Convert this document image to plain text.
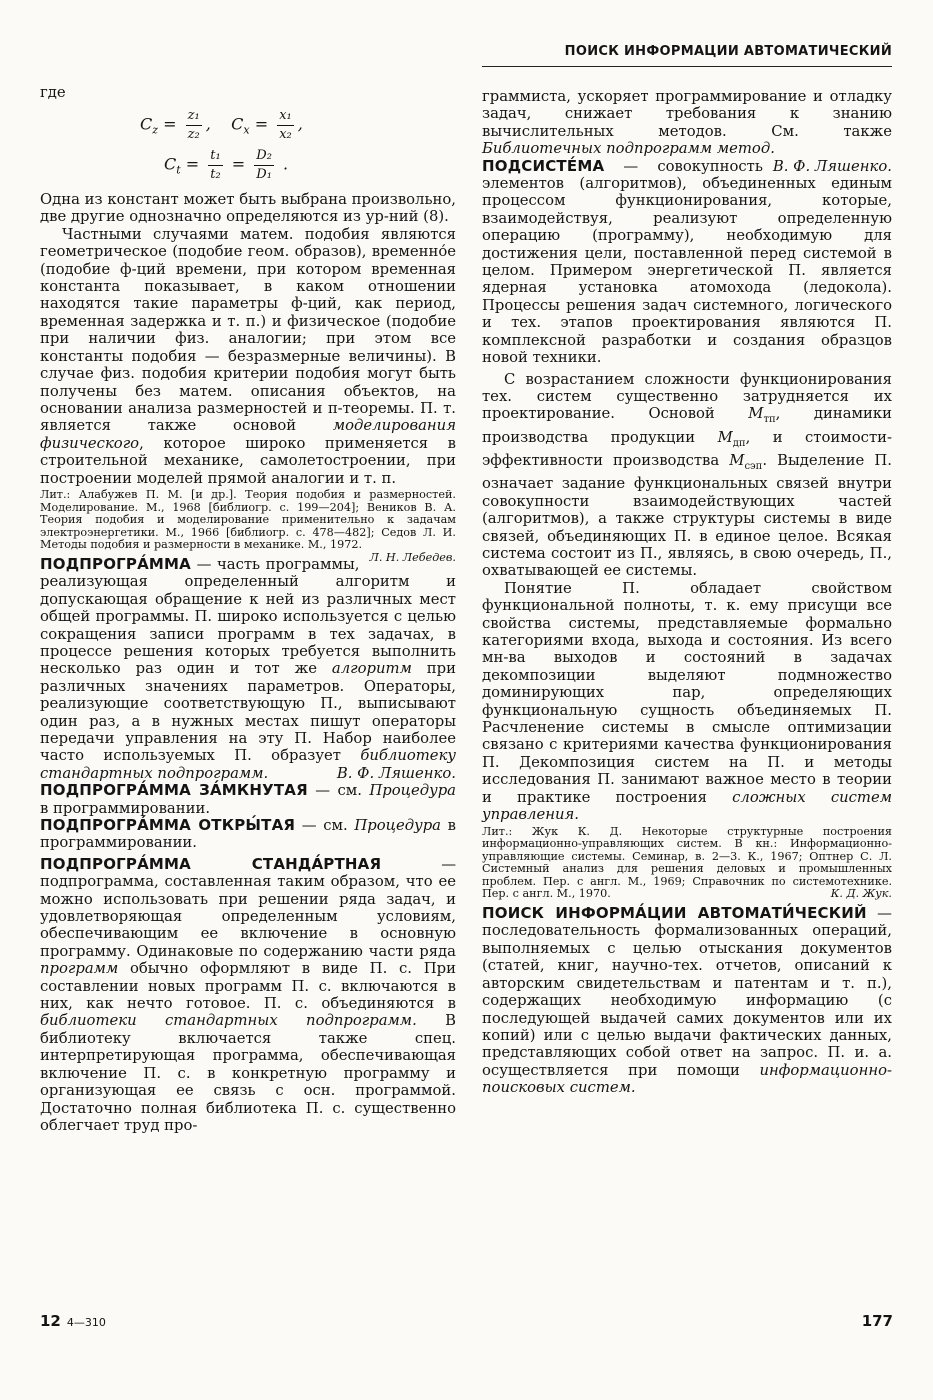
ПОИСК ИНФОРМАЦИИ АВТОМАТИЧЕСКИЙ

где

$C_z = \frac{\text{z₁}}{\text{z₂}}$ , $C_x = \frac{\text{x₁}}{\text{x₂}}$ ,
$C_t = \frac{\text{t₁}}{\text{t₂}} = \frac{\text{D₂}}{\text{D₁}}$ .

Одна из констант может быть выбрана произвольно, две другие однозначно определяются из ур-ний (8).

Частными случаями матем. подобия являются геометрическое (подобие геом. образов), временно́е (подобие ф-ций времени, при котором временная константа показывает, в каком отношении находятся такие параметры ф-ций, как период, временная задержка и т. п.) и физическое (подобие при наличии физ. аналогии; при этом все константы подобия — безразмерные величины). В случае физ. подобия критерии подобия могут быть получены без матем. описания объектов, на основании анализа размерностей и π-теоремы. П. т. является также основой моделирования физического, которое широко применяется в строительной механике, самолетостроении, при построении моделей прямой аналогии и т. п.

Лит.: Алабужев П. М. [и др.]. Теория подобия и размерностей. Моделирование. М., 1968 [библиогр. с. 199—204]; Веников В. А. Теория подобия и моделирование применительно к задачам электроэнергетики. М., 1966 [библиогр. с. 478—482]; Седов Л. И. Методы подобия и размерности в механике. М., 1972.
Л. Н. Лебедев.

ПОДПРОГРА́ММА — часть программы, реализующая определенный алгоритм и допускающая обращение к ней из различных мест общей программы. П. широко используется с целью сокращения записи программ в тех задачах, в процессе решения которых требуется выполнить несколько раз один и тот же алгоритм при различных значениях параметров. Операторы, реализующие соответствующую П., выписывают один раз, а в нужных местах пишут операторы передачи управления на эту П. Набор наиболее часто используемых П. образует библиотеку стандартных подпрограмм.	В. Ф. Ляшенко.

ПОДПРОГРА́ММА ЗА́МКНУТАЯ — см. Процедура в программировании.

ПОДПРОГРА́ММА ОТКРЫ́ТАЯ — см. Процедура в программировании.

ПОДПРОГРА́ММА СТАНДА́РТНАЯ — подпрограмма, составленная таким образом, что ее можно использовать при решении ряда задач, и удовлетворяющая определенным условиям, обеспечивающим ее включение в основную программу. Одинаковые по содержанию части ряда программ обычно оформляют в виде П. с. При составлении новых программ П. с. включаются в них, как нечто готовое. П. с. объединяются в библиотеки стандартных подпрограмм. В библиотеку включается также спец. интерпретирующая программа, обеспечивающая включение П. с. в конкретную программу и организующая ее связь с осн. программой. Достаточно полная библиотека П. с. существенно облегчает труд про-

граммиста, ускоряет программирование и отладку задач, снижает требования к знанию вычислительных методов. См. также Библиотечных подпрограмм метод.
В. Ф. Ляшенко.

ПОДСИСТЕ́МА — совокупность элементов (алгоритмов), объединенных единым процессом функционирования, которые, взаимодействуя, реализуют определенную операцию (программу), необходимую для достижения цели, поставленной перед системой в целом. Примером энергетической П. является ядерная установка атомохода (ледокола). Процессы решения задач системного, логического и тех. этапов проектирования являются П. комплексной разработки и создания образцов новой техники.

С возрастанием сложности функционирования тех. систем существенно затрудняется их проектирование. Основой $M_{тп}$, динамики производства продукции $M_{дп}$, и стоимости-эффективности производства $M_{сэп}$. Выделение П. означает задание функциональных связей внутри совокупности взаимодействующих частей (алгоритмов), а также структуры системы в виде связей, объединяющих П. в единое целое. Всякая система состоит из П., являясь, в свою очередь, П., охватывающей ее системы.

Понятие П. обладает свойством функциональной полноты, т. к. ему присущи все свойства системы, представляемые формально категориями входа, выхода и состояния. Из всего мн-ва выходов и состояний в задачах декомпозиции выделяют подмножество доминирующих пар, определяющих функциональную сущность объединяемых П. Расчленение системы в смысле оптимизации связано с критериями качества функционирования П. Декомпозиция систем на П. и методы исследования П. занимают важное место в теории и практике построения сложных систем управления.

Лит.: Жук К. Д. Некоторые структурные построения информационно-управляющих систем. В кн.: Информационно-управляющие системы. Семинар, в. 2—3. К., 1967; Оптнер С. Л. Системный анализ для решения деловых и промышленных проблем. Пер. с англ. М., 1969; Справочник по системотехнике. Пер. с англ. М., 1970.	К. Д. Жук.

ПОИСК ИНФОРМА́ЦИИ АВТОМАТИ́ЧЕСКИЙ — последовательность формализованных операций, выполняемых с целью отыскания документов (статей, книг, научно-тех. отчетов, описаний к авторским свидетельствам и патентам и т. п.), содержащих необходимую информацию (с последующей выдачей самих документов или их копий) или с целью выдачи фактических данных, представляющих собой ответ на запрос. П. и. а. осуществляется при помощи информационно-поисковых систем.

12 4—310	177
